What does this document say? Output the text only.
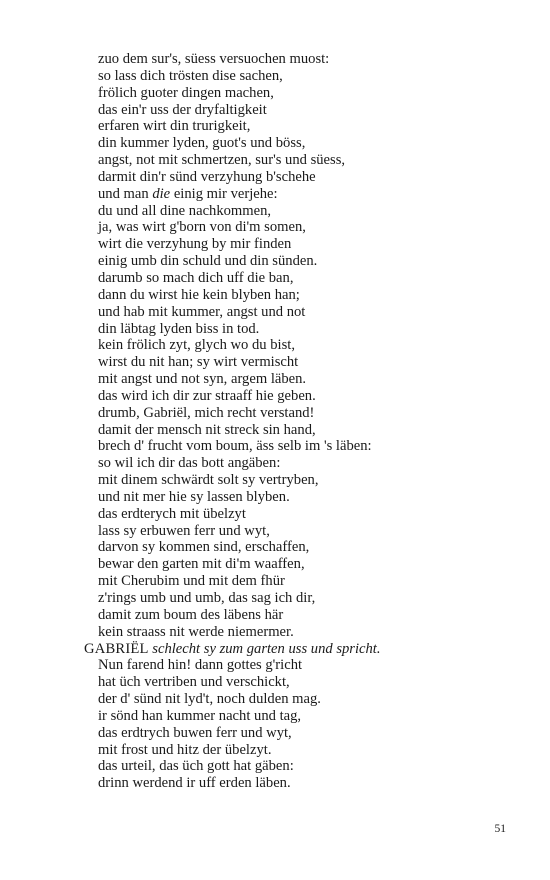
zuo dem sur's, süess versuochen muost:
so lass dich trösten dise sachen,
frölich guoter dingen machen,
das ein'r uss der dryfaltigkeit
erfaren wirt din trurigkeit,
din kummer lyden, guot's und böss,
angst, not mit schmertzen, sur's und süess,
darmit din'r sünd verzyhung b'schehe
und man die einig mir verjehe:
du und all dine nachkommen,
ja, was wirt g'born von di'm somen,
wirt die verzyhung by mir finden
einig umb din schuld und din sünden.
darumb so mach dich uff die ban,
dann du wirst hie kein blyben han;
und hab mit kummer, angst und not
din läbtag lyden biss in tod.
kein frölich zyt, glych wo du bist,
wirst du nit han; sy wirt vermischt
mit angst und not syn, argem läben.
das wird ich dir zur straaff hie geben.
drumb, Gabriël, mich recht verstand!
damit der mensch nit streck sin hand,
brech d' frucht vom boum, äss selb im 's läben:
so wil ich dir das bott angäben:
mit dinem schwärdt solt sy vertryben,
und nit mer hie sy lassen blyben.
das erdterych mit übelzyt
lass sy erbuwen ferr und wyt,
darvon sy kommen sind, erschaffen,
bewar den garten mit di'm waaffen,
mit Cherubim und mit dem fhür
z'rings umb und umb, das sag ich dir,
damit zum boum des läbens här
kein straass nit werde niemermer.
GABRIËL schlecht sy zum garten uss und spricht.
Nun farend hin! dann gottes g'richt
hat üch vertriben und verschickt,
der d' sünd nit lyd't, noch dulden mag.
ir sönd han kummer nacht und tag,
das erdtrych buwen ferr und wyt,
mit frost und hitz der übelzyt.
das urteil, das üch gott hat gäben:
drinn werdend ir uff erden läben.
51
